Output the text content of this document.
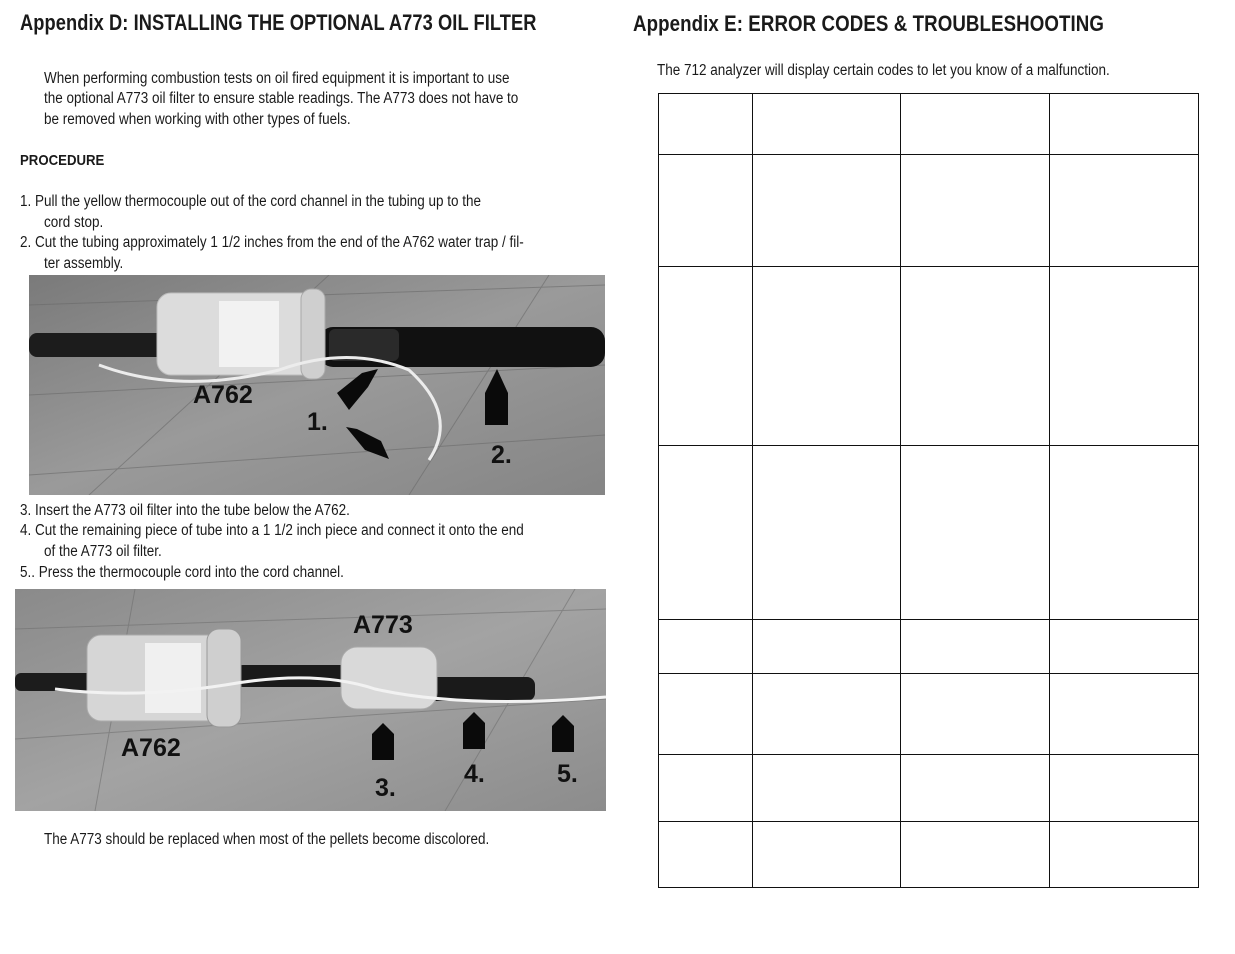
Appendix D: INSTALLING THE OPTIONAL A773 OIL FILTER
When performing combustion tests on oil fired equipment it is important to use
the optional A773 oil filter to ensure stable readings. The A773 does not have to
be removed when working with other types of fuels.
PROCEDURE
1. Pull the yellow thermocouple out of the cord channel in the tubing up to the
cord stop.
2. Cut the tubing approximately 1 1/2 inches from the end of the A762 water trap / fil-
ter assembly.
A762
1.
2.
3. Insert the A773 oil filter into the tube below the A762.
4. Cut the remaining piece of tube into a 1 1/2 inch piece and connect it onto the end
of the A773 oil filter.
5.. Press the thermocouple cord into the cord channel.
A773
A762
3.	4.	5.
The A773 should be replaced when most of the pellets become discolored.
Appendix E: ERROR CODES & TROUBLESHOOTING
The 712 analyzer will display certain codes to let you know of a malfunction.
